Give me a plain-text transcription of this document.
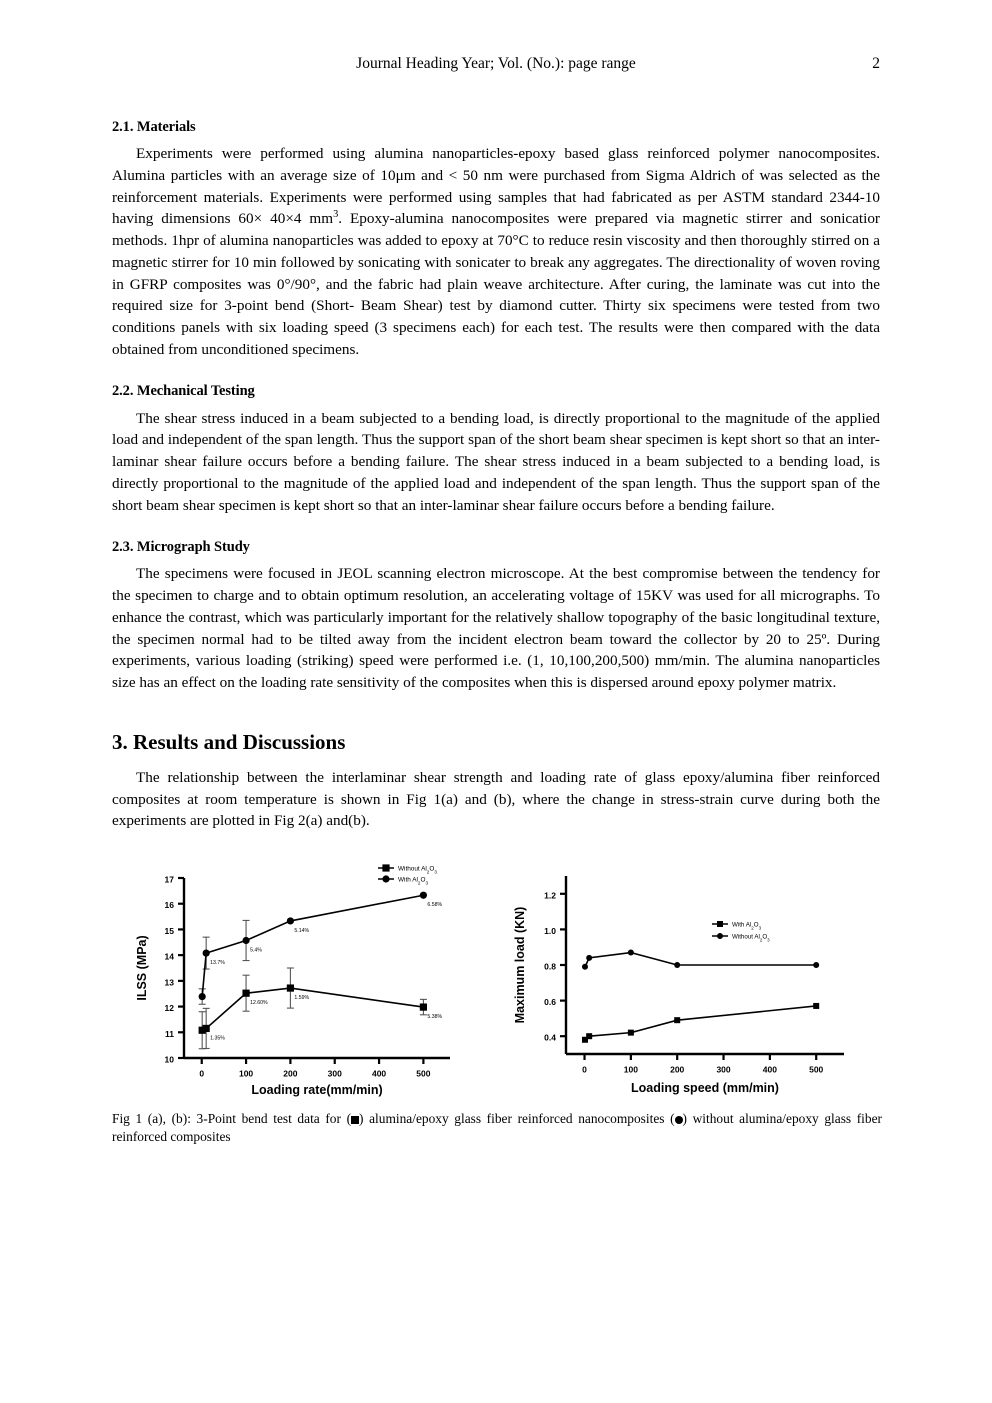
Journal Heading Year; Vol. (No.): page range	2
2.1. Materials

Experiments were performed using alumina nanoparticles-epoxy based glass reinforced polymer nanocomposites. Alumina particles with an average size of 10μm and < 50 nm were purchased from Sigma Aldrich of was selected as the reinforcement materials. Experiments were performed using samples that had fabricated as per ASTM standard 2344-10 having dimensions 60× 40×4 $mm^3$. Epoxy-alumina nanocomposites were prepared via magnetic stirrer and sonicatior methods. 1hpr of alumina nanoparticles was added to epoxy at 70°C to reduce resin viscosity and then thoroughly stirred on a magnetic stirrer for 10 min followed by sonicating with sonicater to break any aggregates. The directionality of woven roving in GFRP composites was 0°/90°, and the fabric had plain weave architecture. After curing, the laminate was cut into the required size for 3-point bend (Short- Beam Shear) test by diamond cutter. Thirty six specimens were tested from two conditions panels with six loading speed (3 specimens each) for each test. The results were then compared with the data obtained from unconditioned specimens.

2.2. Mechanical Testing

The shear stress induced in a beam subjected to a bending load, is directly proportional to the magnitude of the applied load and independent of the span length. Thus the support span of the short beam shear specimen is kept short so that an inter-laminar shear failure occurs before a bending failure. The shear stress induced in a beam subjected to a bending load, is directly proportional to the magnitude of the applied load and independent of the span length. Thus the support span of the short beam shear specimen is kept short so that an inter-laminar shear failure occurs before a bending failure.

2.3. Micrograph Study

The specimens were focused in JEOL scanning electron microscope. At the best compromise between the tendency for the specimen to charge and to obtain optimum resolution, an accelerating voltage of 15KV was used for all micrographs. To enhance the contrast, which was particularly important for the relatively shallow topography of the basic longitudinal texture, the specimen normal had to be tilted away from the incident electron beam toward the collector by 20 to 25º. During experiments, various loading (striking) speed were performed i.e. (1, 10,100,200,500) mm/min. The alumina nanoparticles size has an effect on the loading rate sensitivity of the composites when this is dispersed around epoxy polymer matrix.

3. Results and Discussions

The relationship between the interlaminar shear strength and loading rate of glass epoxy/alumina fiber reinforced composites at room temperature is shown in Fig 1(a) and (b), where the change in stress-strain curve during both the experiments are plotted in Fig 2(a) and(b).

10
11
12
13
14
15
16
17
0	100	200	300	400	500
Loading rate(mm/min)
ILSS (MPa)
1.35%
12.60%
1.59%
5.38%
13.7%
5.4%
5.14%
6.58%
Without $Al_2O_3$
With $Al_2O_3$
0.4
0.6
0.8
1.0
1.2
0	100	200	300	400	500
Loading speed (mm/min)
Maximum load (KN)	With $Al_2O_3$
Without $Al_2O_3$
Fig 1 (a), (b): 3-Point bend test data for ( ) alumina/epoxy glass fiber reinforced nanocomposites ( ) without alumina/epoxy glass fiber reinforced composites
